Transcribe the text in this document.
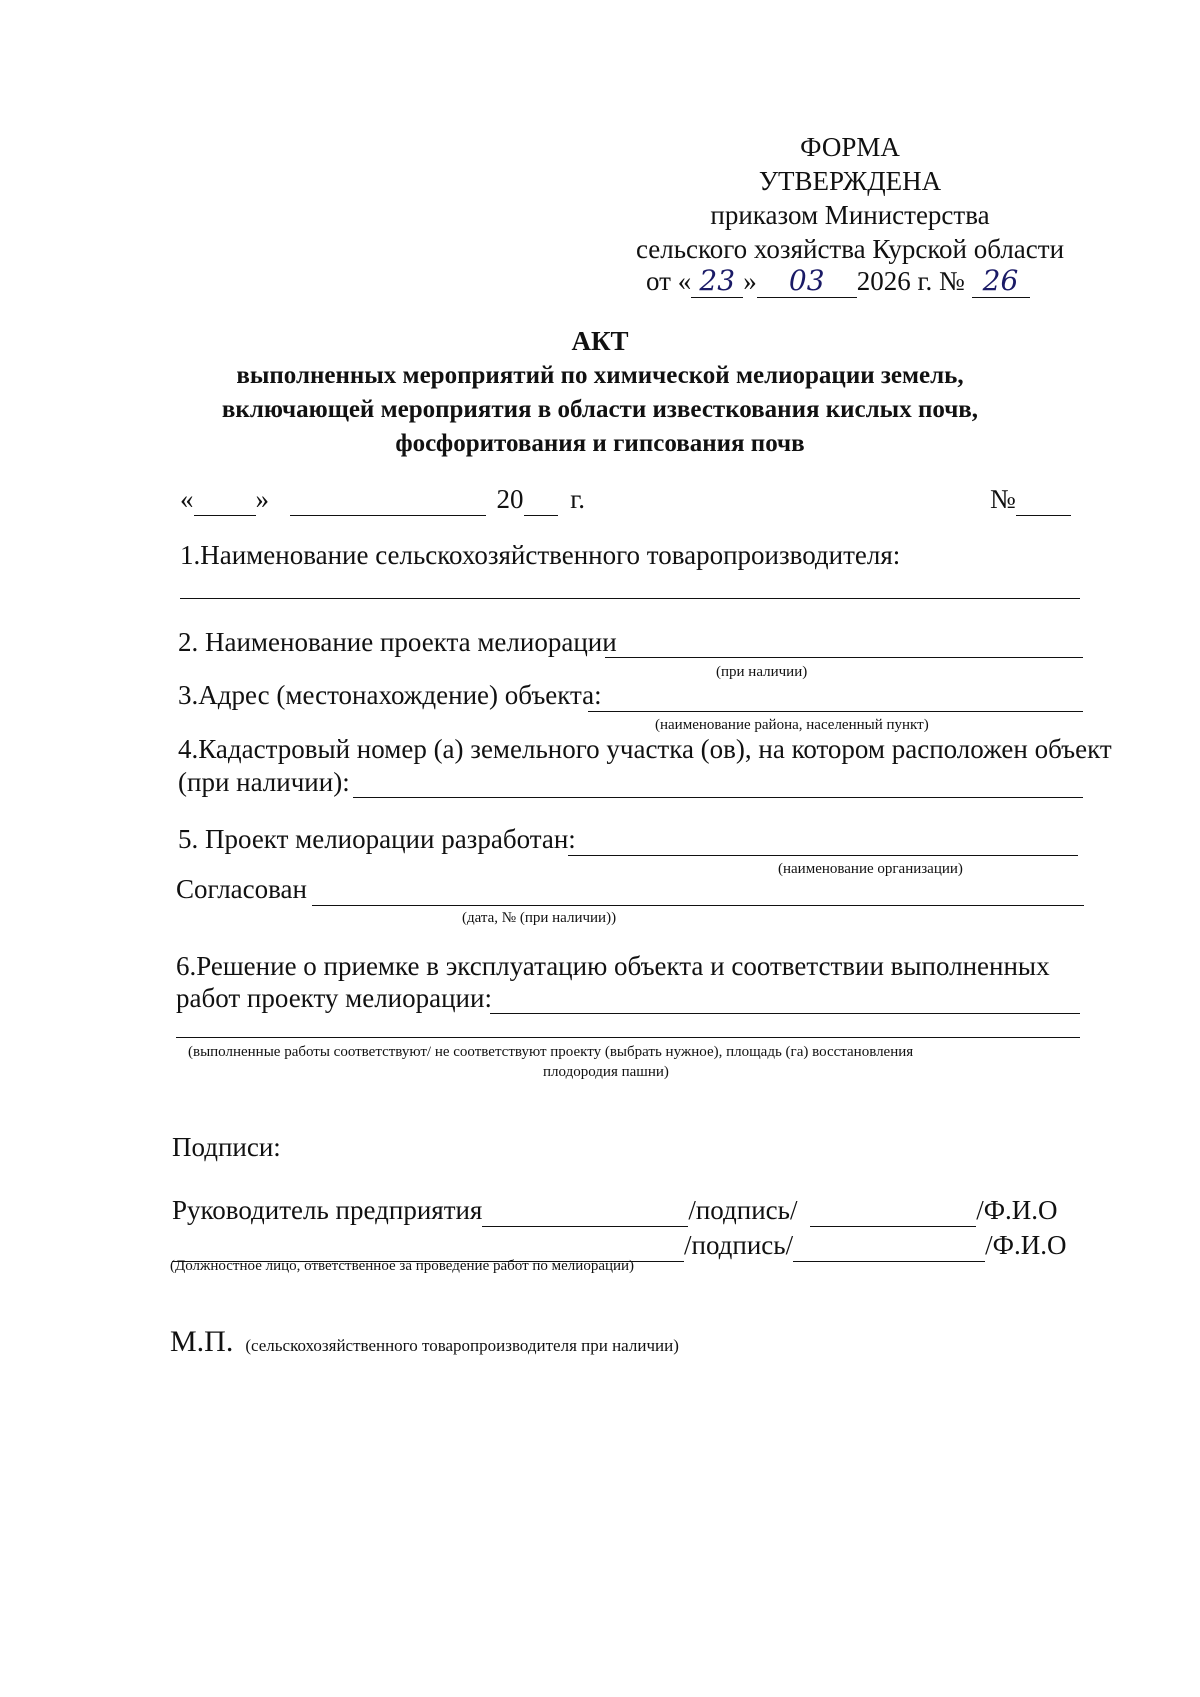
ФОРМА
УТВЕРЖДЕНА
приказом Министерства
сельского хозяйства Курской области
от « 23 » 03 2026 г. № 26
АКТ
выполненных мероприятий по химической мелиорации земель,
включающей мероприятия в области известкования кислых почв,
фосфоритования и гипсования почв
« »	20 г.	№
1.Наименование сельскохозяйственного товаропроизводителя:
2. Наименование проекта мелиорации
(при наличии)
3.Адрес (местонахождение) объекта:
(наименование района, населенный пункт)
4.Кадастровый номер (а) земельного участка (ов), на котором расположен объект
(при наличии):
5. Проект мелиорации разработан:
(наименование организации)
Согласован
(дата, № (при наличии))
6.Решение о приемке в эксплуатацию объекта и соответствии выполненных
работ проекту мелиорации:
(выполненные работы соответствуют/ не соответствуют проекту (выбрать нужное), площадь (га) восстановления
плодородия пашни)
Подписи:
Руководитель предприятия	/подпись/	/Ф.И.О
/подпись/	/Ф.И.О
(Должностное лицо, ответственное за проведение работ по мелиорации)
М.П. (сельскохозяйственного товаропроизводителя при наличии)
